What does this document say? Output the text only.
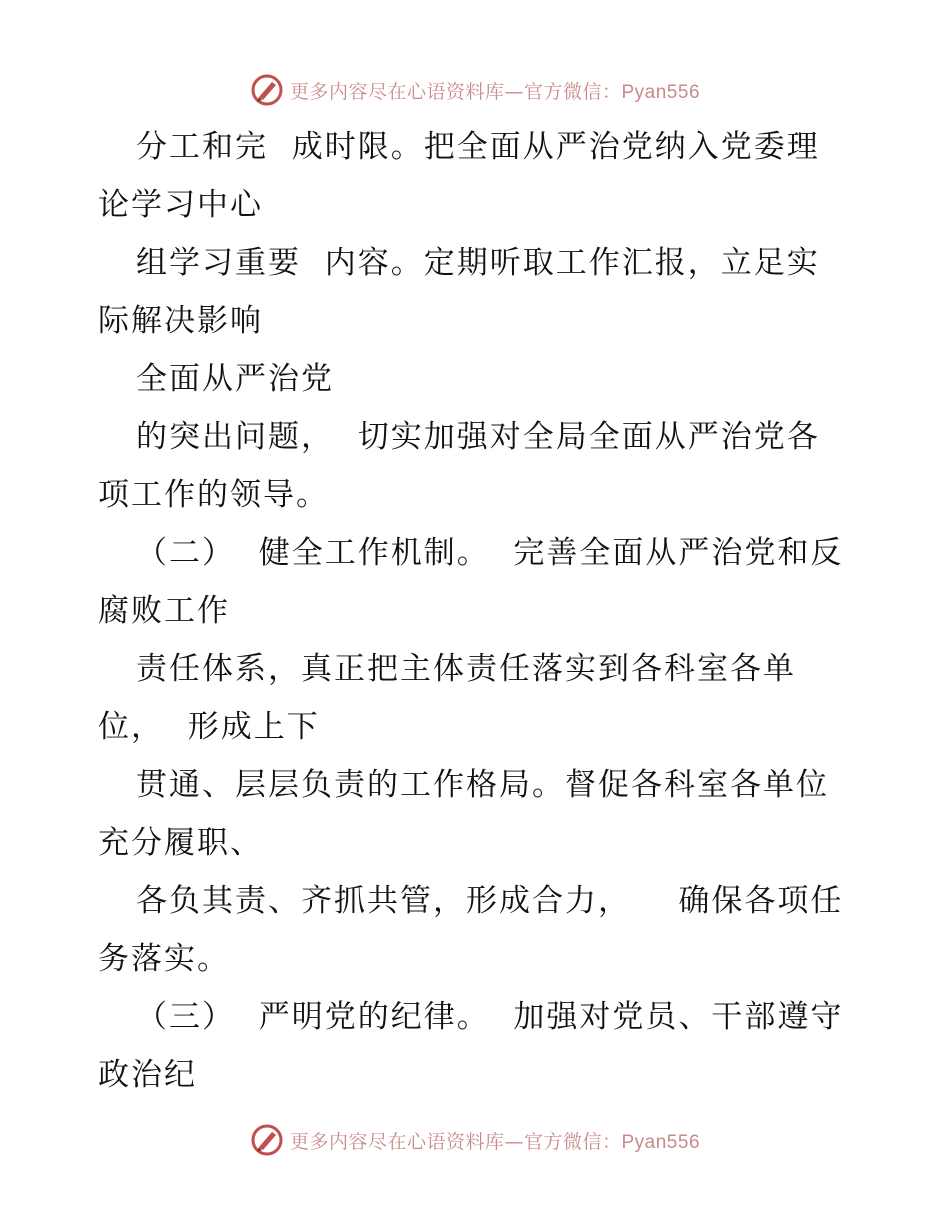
更多内容尽在心语资料库—官方微信：Pyan556
分工和完  成时限。把全面从严治党纳入党委理
论学习中心
组学习重要  内容。定期听取工作汇报，立足实
际解决影响
全面从严治党
的突出问题，  切实加强对全局全面从严治党各
项工作的领导。
（二）  健全工作机制。  完善全面从严治党和反
腐败工作
责任体系，真正把主体责任落实到各科室各单
位，  形成上下
贯通、层层负责的工作格局。督促各科室各单位
充分履职、
各负其责、齐抓共管，形成合力，    确保各项任
务落实。
（三）  严明党的纪律。  加强对党员、干部遵守
政治纪
更多内容尽在心语资料库—官方微信：Pyan556
